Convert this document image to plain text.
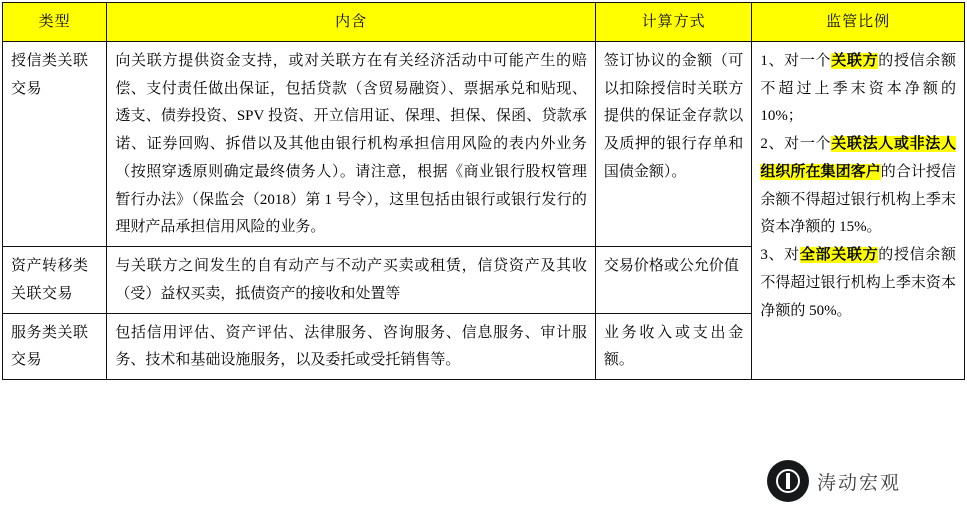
类型	内含	计算方式	监管比例
授信类关联交易	向关联方提供资金支持，或对关联方在有关经济活动中可能产生的赔偿、支付责任做出保证，包括贷款（含贸易融资）、票据承兑和贴现、透支、债券投资、SPV 投资、开立信用证、保理、担保、保函、贷款承诺、证券回购、拆借以及其他由银行机构承担信用风险的表内外业务（按照穿透原则确定最终债务人）。请注意，根据《商业银行股权管理暂行办法》（保监会（2018）第 1 号令），这里包括由银行或银行发行的理财产品承担信用风险的业务。	签订协议的金额（可以扣除授信时关联方提供的保证金存款以及质押的银行存单和国债金额）。	

1、对一个关联方的授信余额不超过上季末资本净额的 10%；

2、对一个关联法人或非法人组织所在集团客户的合计授信余额不得超过银行机构上季末资本净额的 15%。

3、对全部关联方的授信余额不得超过银行机构上季末资本净额的 50%。

资产转移类关联交易	与关联方之间发生的自有动产与不动产买卖或租赁，信贷资产及其收（受）益权买卖，抵债资产的接收和处置等	交易价格或公允价值	
服务类关联交易	包括信用评估、资产评估、法律服务、咨询服务、信息服务、审计服务、技术和基础设施服务，以及委托或受托销售等。	业务收入或支出金额。	
涛动宏观
